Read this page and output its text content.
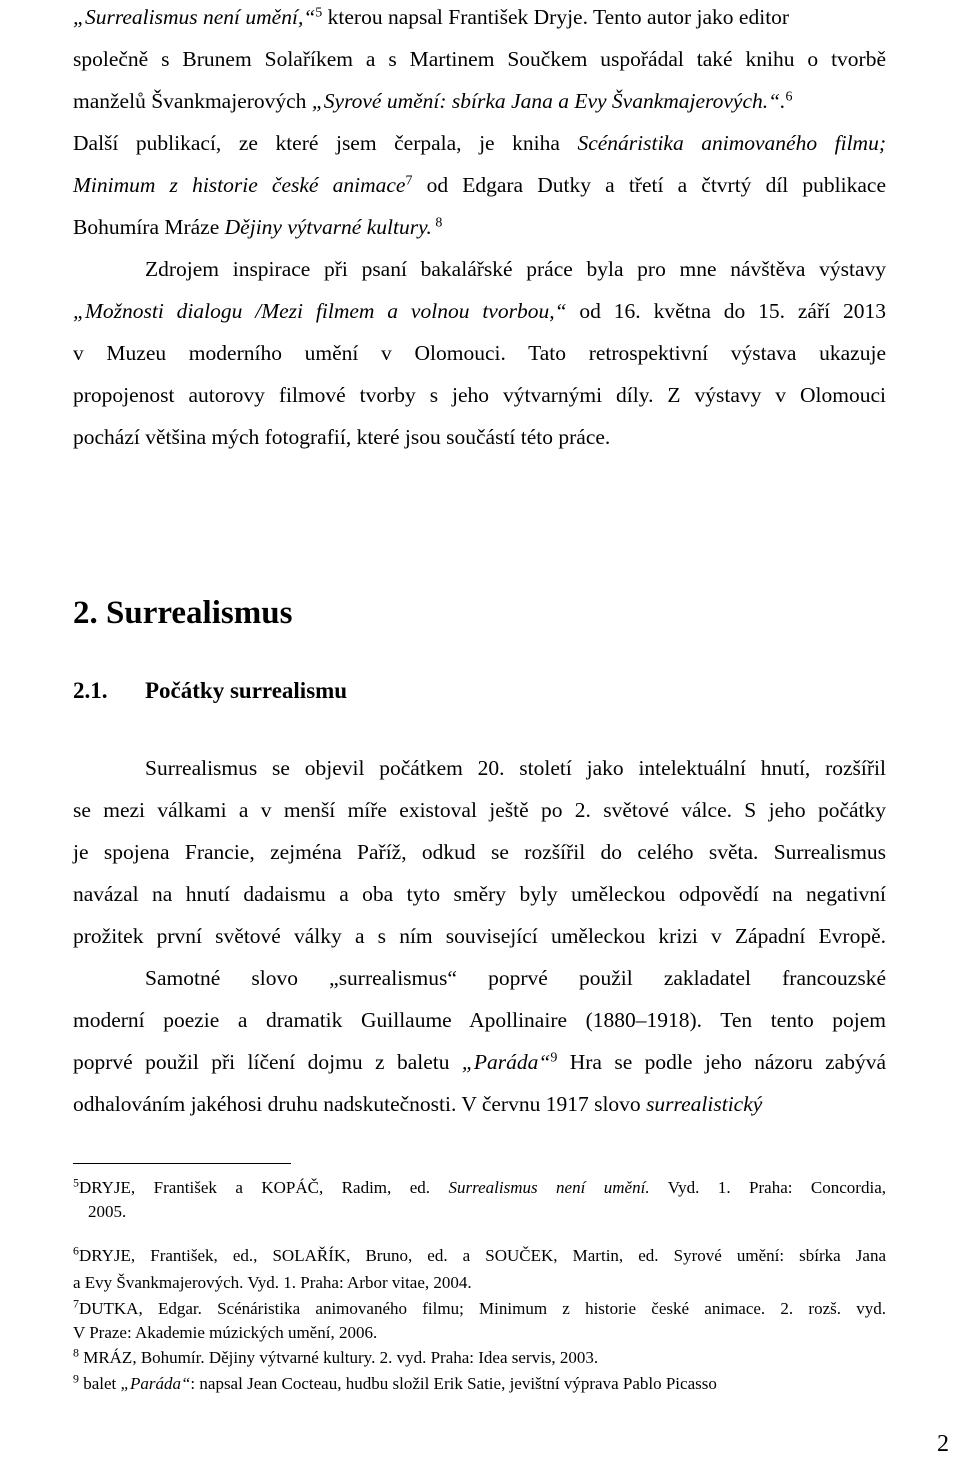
„Surrealismus není umění,“$^5$ kterou napsal František Dryje. Tento autor jako editor
společně s Brunem Solaříkem a s Martinem Součkem uspořádal také knihu o tvorbě
manželů Švankmajerových „Syrové umění: sbírka Jana a Evy Švankmajerových.“.$^6$
Další publikací, ze které jsem čerpala, je kniha Scénáristika animovaného filmu;
Minimum z historie české animace$^7$ od Edgara Dutky a třetí a čtvrtý díl publikace
Bohumíra Mráze Dějiny výtvarné kultury. $^8$
Zdrojem inspirace při psaní bakalářské práce byla pro mne návštěva výstavy
„Možnosti dialogu /Mezi filmem a volnou tvorbou,“ od 16. května do 15. září 2013
v Muzeu moderního umění v Olomouci. Tato retrospektivní výstava ukazuje
propojenost autorovy filmové tvorby s jeho výtvarnými díly. Z výstavy v Olomouci
pochází většina mých fotografií, které jsou součástí této práce.
2. Surrealismus
2.1. Počátky surrealismu
Surrealismus se objevil počátkem 20. století jako intelektuální hnutí, rozšířil
se mezi válkami a v menší míře existoval ještě po 2. světové válce. S jeho počátky
je spojena Francie, zejména Paříž, odkud se rozšířil do celého světa. Surrealismus
navázal na hnutí dadaismu a oba tyto směry byly uměleckou odpovědí na negativní
prožitek první světové války a s ním související uměleckou krizi v Západní Evropě.
Samotné slovo „surrealismus“ poprvé použil zakladatel francouzské
moderní poezie a dramatik Guillaume Apollinaire (1880–1918). Ten tento pojem
poprvé použil při líčení dojmu z baletu „Paráda“$^9$ Hra se podle jeho názoru zabývá
odhalováním jakéhosi druhu nadskutečnosti. V červnu 1917 slovo surrealistický
$^5$DRYJE, František a KOPÁČ, Radim, ed. Surrealismus není umění. Vyd. 1. Praha: Concordia,
2005.
$^6$DRYJE, František, ed., SOLAŘÍK, Bruno, ed. a SOUČEK, Martin, ed. Syrové umění: sbírka Jana
a Evy Švankmajerových. Vyd. 1. Praha: Arbor vitae, 2004.
$^7$DUTKA, Edgar. Scénáristika animovaného filmu; Minimum z historie české animace. 2. rozš. vyd.
V Praze: Akademie múzických umění, 2006.
$^8$ MRÁZ, Bohumír. Dějiny výtvarné kultury. 2. vyd. Praha: Idea servis, 2003.
$^9$ balet „Paráda“: napsal Jean Cocteau, hudbu složil Erik Satie, jevištní výprava Pablo Picasso
2
